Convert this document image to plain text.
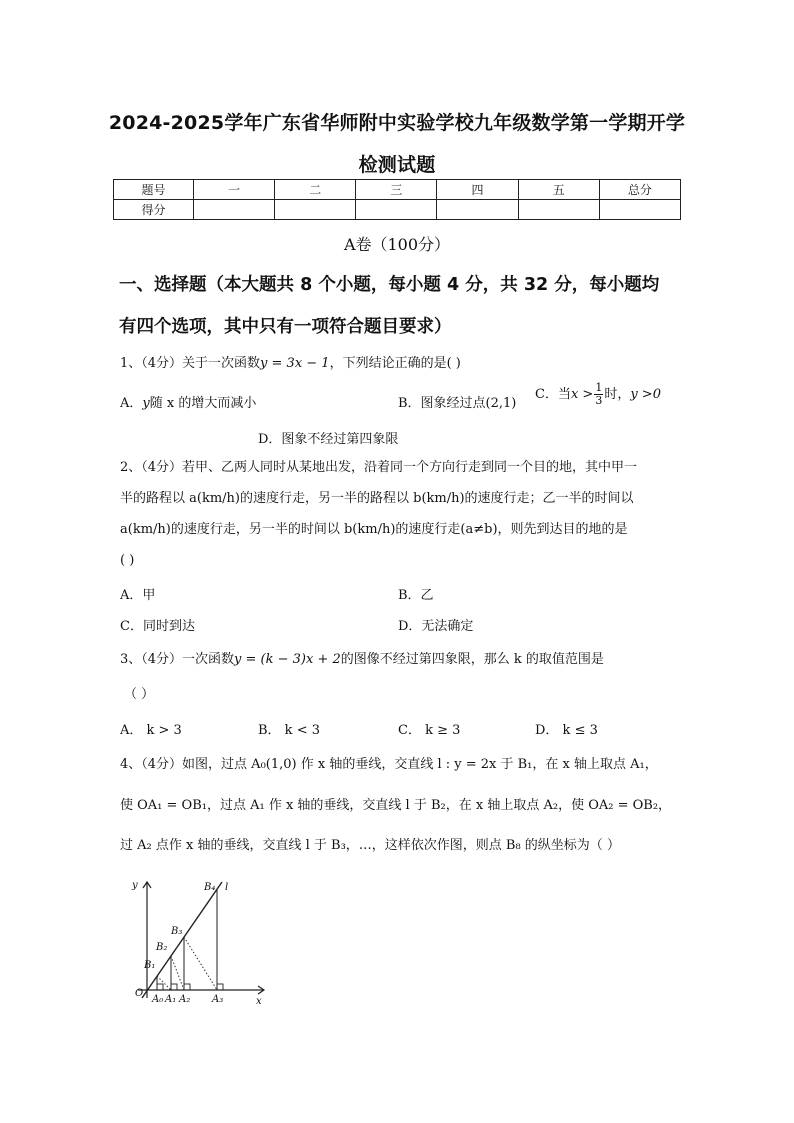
2024-2025学年广东省华师附中实验学校九年级数学第一学期开学
检测试题
题号	一	二	三	四	五	总分
得分						
A卷（100分）
一、选择题（本大题共 8 个小题，每小题 4 分，共 32 分，每小题均
有四个选项，其中只有一项符合题目要求）
1、（4分）关于一次函数y = 3x − 1，下列结论正确的是( )
A．y随 x 的增大而减小	B．图象经过点(2,1)
C．当$x > \frac{1}{3}$ 时，y >0
D．图象不经过第四象限
2、（4分）若甲、乙两人同时从某地出发，沿着同一个方向行走到同一个目的地，其中甲一
半的路程以 a(km/h)的速度行走，另一半的路程以 b(km/h)的速度行走；乙一半的时间以
a(km/h)的速度行走，另一半的时间以 b(km/h)的速度行走(a≠b)，则先到达目的地的是
( )
A．甲	B．乙
C．同时到达	D．无法确定
3、（4分）一次函数y = (k − 3)x + 2的图像不经过第四象限，那么 k 的取值范围是
（ ）
A． k > 3	B． k < 3	C． k ≥ 3	D． k ≤ 3
4、（4分）如图，过点 A₀(1,0) 作 x 轴的垂线，交直线 l : y = 2x 于 B₁，在 x 轴上取点 A₁，
使 OA₁ = OB₁，过点 A₁ 作 x 轴的垂线，交直线 l 于 B₂，在 x 轴上取点 A₂，使 OA₂ = OB₂，
过 A₂ 点作 x 轴的垂线，交直线 l 于 B₃，…，这样依次作图，则点 B₈ 的纵坐标为（ ）
y
x
O
l
B₄
B₃
B₂
B₁
A₀ A₁ A₂ A₃
